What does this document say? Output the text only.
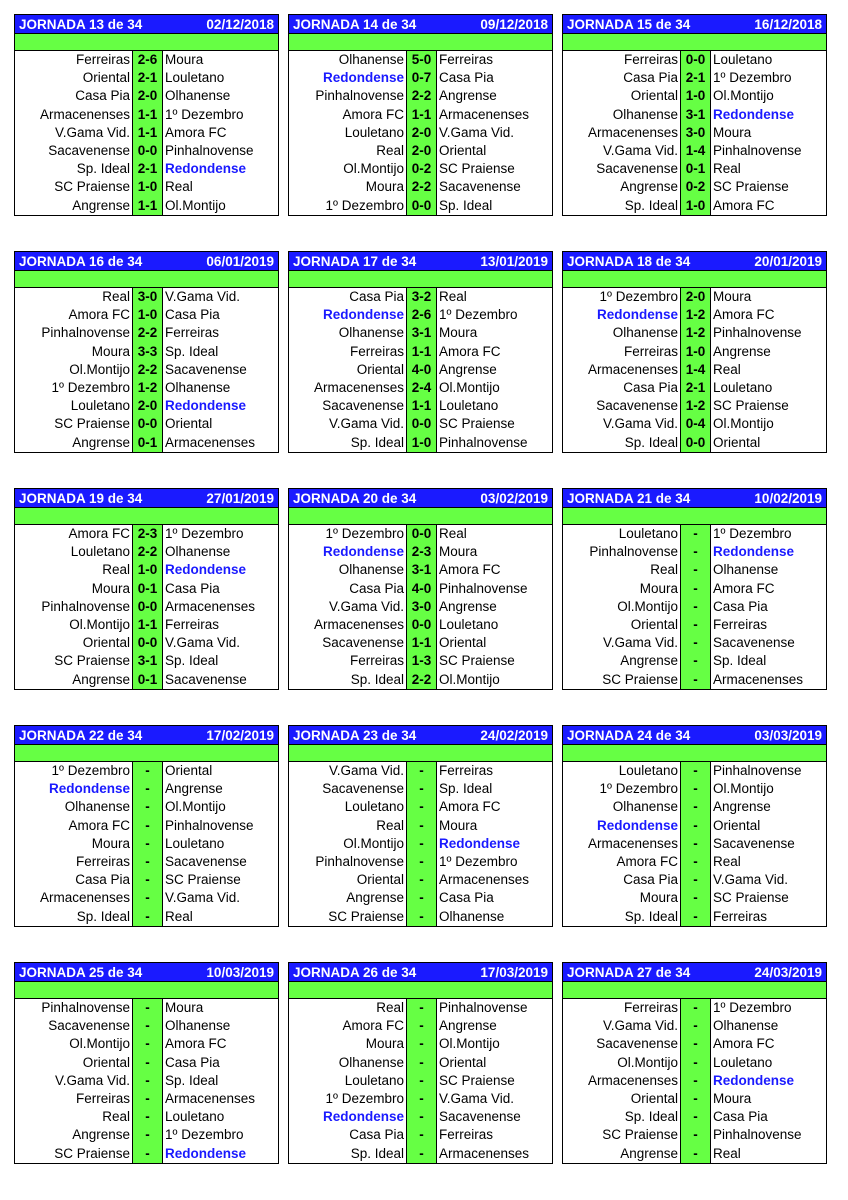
JORNADA 13 de 34	02/12/2018
Ferreiras 2-6 Moura
Oriental 2-1 Louletano
Casa Pia 2-0 Olhanense
Armacenenses 1-1 1º Dezembro
V.Gama Vid. 1-1 Amora FC
Sacavenense 0-0 Pinhalnovense
Sp. Ideal 2-1 Redondense
SC Praiense 1-0 Real
Angrense 1-1 Ol.Montijo
JORNADA 14 de 34	09/12/2018
Olhanense 5-0 Ferreiras
Redondense 0-7 Casa Pia
Pinhalnovense 2-2 Angrense
Amora FC 1-1 Armacenenses
Louletano 2-0 V.Gama Vid.
Real 2-0 Oriental
Ol.Montijo 0-2 SC Praiense
Moura 2-2 Sacavenense
1º Dezembro 0-0 Sp. Ideal
JORNADA 15 de 34	16/12/2018
Ferreiras 0-0 Louletano
Casa Pia 2-1 1º Dezembro
Oriental 1-0 Ol.Montijo
Olhanense 3-1 Redondense
Armacenenses 3-0 Moura
V.Gama Vid. 1-4 Pinhalnovense
Sacavenense 0-1 Real
Angrense 0-2 SC Praiense
Sp. Ideal 1-0 Amora FC
JORNADA 16 de 34	06/01/2019
Real 3-0 V.Gama Vid.
Amora FC 1-0 Casa Pia
Pinhalnovense 2-2 Ferreiras
Moura 3-3 Sp. Ideal
Ol.Montijo 2-2 Sacavenense
1º Dezembro 1-2 Olhanense
Louletano 2-0 Redondense
SC Praiense 0-0 Oriental
Angrense 0-1 Armacenenses
JORNADA 17 de 34	13/01/2019
Casa Pia 3-2 Real
Redondense 2-6 1º Dezembro
Olhanense 3-1 Moura
Ferreiras 1-1 Amora FC
Oriental 4-0 Angrense
Armacenenses 2-4 Ol.Montijo
Sacavenense 1-1 Louletano
V.Gama Vid. 0-0 SC Praiense
Sp. Ideal 1-0 Pinhalnovense
JORNADA 18 de 34	20/01/2019
1º Dezembro 2-0 Moura
Redondense 1-2 Amora FC
Olhanense 1-2 Pinhalnovense
Ferreiras 1-0 Angrense
Armacenenses 1-4 Real
Casa Pia 2-1 Louletano
Sacavenense 1-2 SC Praiense
V.Gama Vid. 0-4 Ol.Montijo
Sp. Ideal 0-0 Oriental
JORNADA 19 de 34	27/01/2019
Amora FC 2-3 1º Dezembro
Louletano 2-2 Olhanense
Real 1-0 Redondense
Moura 0-1 Casa Pia
Pinhalnovense 0-0 Armacenenses
Ol.Montijo 1-1 Ferreiras
Oriental 0-0 V.Gama Vid.
SC Praiense 3-1 Sp. Ideal
Angrense 0-1 Sacavenense
JORNADA 20 de 34	03/02/2019
1º Dezembro 0-0 Real
Redondense 2-3 Moura
Olhanense 3-1 Amora FC
Casa Pia 4-0 Pinhalnovense
V.Gama Vid. 3-0 Angrense
Armacenenses 0-0 Louletano
Sacavenense 1-1 Oriental
Ferreiras 1-3 SC Praiense
Sp. Ideal 2-2 Ol.Montijo
JORNADA 21 de 34	10/02/2019
Louletano	-	1º Dezembro
Pinhalnovense	-	Redondense
Real	-	Olhanense
Moura	-	Amora FC
Ol.Montijo	-	Casa Pia
Oriental	-	Ferreiras
V.Gama Vid.	-	Sacavenense
Angrense	-	Sp. Ideal
SC Praiense	-	Armacenenses
JORNADA 22 de 34	17/02/2019
1º Dezembro	-	Oriental
Redondense	-	Angrense
Olhanense	-	Ol.Montijo
Amora FC	-	Pinhalnovense
Moura	-	Louletano
Ferreiras	-	Sacavenense
Casa Pia	-	SC Praiense
Armacenenses	-	V.Gama Vid.
Sp. Ideal	-	Real
JORNADA 23 de 34	24/02/2019
V.Gama Vid.	-	Ferreiras
Sacavenense	-	Sp. Ideal
Louletano	-	Amora FC
Real	-	Moura
Ol.Montijo	-	Redondense
Pinhalnovense	-	1º Dezembro
Oriental	-	Armacenenses
Angrense	-	Casa Pia
SC Praiense	-	Olhanense
JORNADA 24 de 34	03/03/2019
Louletano	-	Pinhalnovense
1º Dezembro	-	Ol.Montijo
Olhanense	-	Angrense
Redondense	-	Oriental
Armacenenses	-	Sacavenense
Amora FC	-	Real
Casa Pia	-	V.Gama Vid.
Moura	-	SC Praiense
Sp. Ideal	-	Ferreiras
JORNADA 25 de 34	10/03/2019
Pinhalnovense	-	Moura
Sacavenense	-	Olhanense
Ol.Montijo	-	Amora FC
Oriental	-	Casa Pia
V.Gama Vid.	-	Sp. Ideal
Ferreiras	-	Armacenenses
Real	-	Louletano
Angrense	-	1º Dezembro
SC Praiense	-	Redondense
JORNADA 26 de 34	17/03/2019
Real	-	Pinhalnovense
Amora FC	-	Angrense
Moura	-	Ol.Montijo
Olhanense	-	Oriental
Louletano	-	SC Praiense
1º Dezembro	-	V.Gama Vid.
Redondense	-	Sacavenense
Casa Pia	-	Ferreiras
Sp. Ideal	-	Armacenenses
JORNADA 27 de 34	24/03/2019
Ferreiras	-	1º Dezembro
V.Gama Vid.	-	Olhanense
Sacavenense	-	Amora FC
Ol.Montijo	-	Louletano
Armacenenses	-	Redondense
Oriental	-	Moura
Sp. Ideal	-	Casa Pia
SC Praiense	-	Pinhalnovense
Angrense	-	Real
